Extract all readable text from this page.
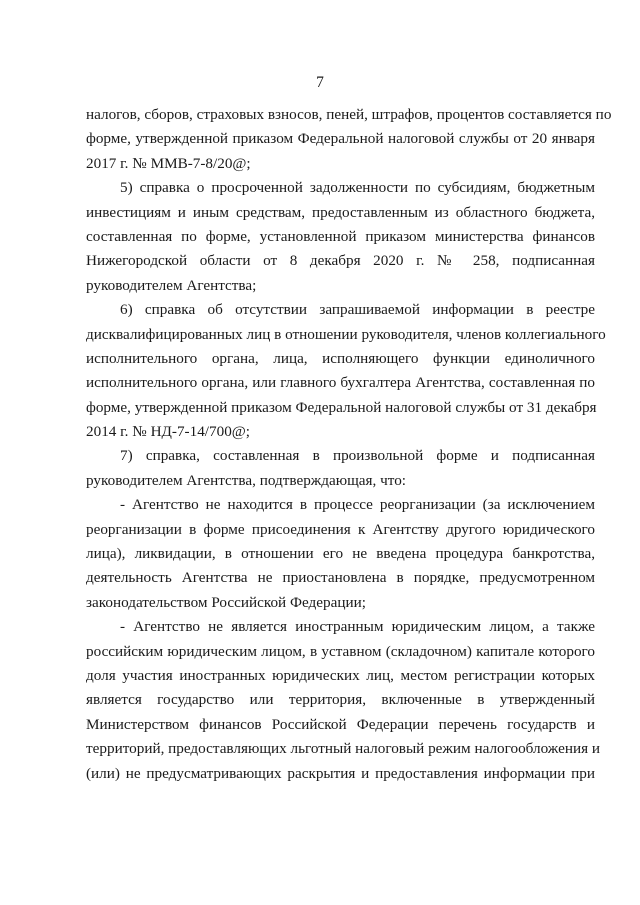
7
налогов, сборов, страховых взносов, пеней, штрафов, процентов составляется по
форме, утвержденной приказом Федеральной налоговой службы от 20 января
2017 г. № ММВ-7-8/20@;
5) справка о просроченной задолженности по субсидиям, бюджетным
инвестициям и иным средствам, предоставленным из областного бюджета,
составленная по форме, установленной приказом министерства финансов
Нижегородской области от 8 декабря 2020 г. № 258, подписанная
руководителем Агентства;
6) справка об отсутствии запрашиваемой информации в реестре
дисквалифицированных лиц в отношении руководителя, членов коллегиального
исполнительного органа, лица, исполняющего функции единоличного
исполнительного органа, или главного бухгалтера Агентства, составленная по
форме, утвержденной приказом Федеральной налоговой службы от 31 декабря
2014 г. № НД-7-14/700@;
7) справка, составленная в произвольной форме и подписанная
руководителем Агентства, подтверждающая, что:
- Агентство не находится в процессе реорганизации (за исключением
реорганизации в форме присоединения к Агентству другого юридического
лица), ликвидации, в отношении его не введена процедура банкротства,
деятельность Агентства не приостановлена в порядке, предусмотренном
законодательством Российской Федерации;
- Агентство не является иностранным юридическим лицом, а также
российским юридическим лицом, в уставном (складочном) капитале которого
доля участия иностранных юридических лиц, местом регистрации которых
является государство или территория, включенные в утвержденный
Министерством финансов Российской Федерации перечень государств и
территорий, предоставляющих льготный налоговый режим налогообложения и
(или) не предусматривающих раскрытия и предоставления информации при
